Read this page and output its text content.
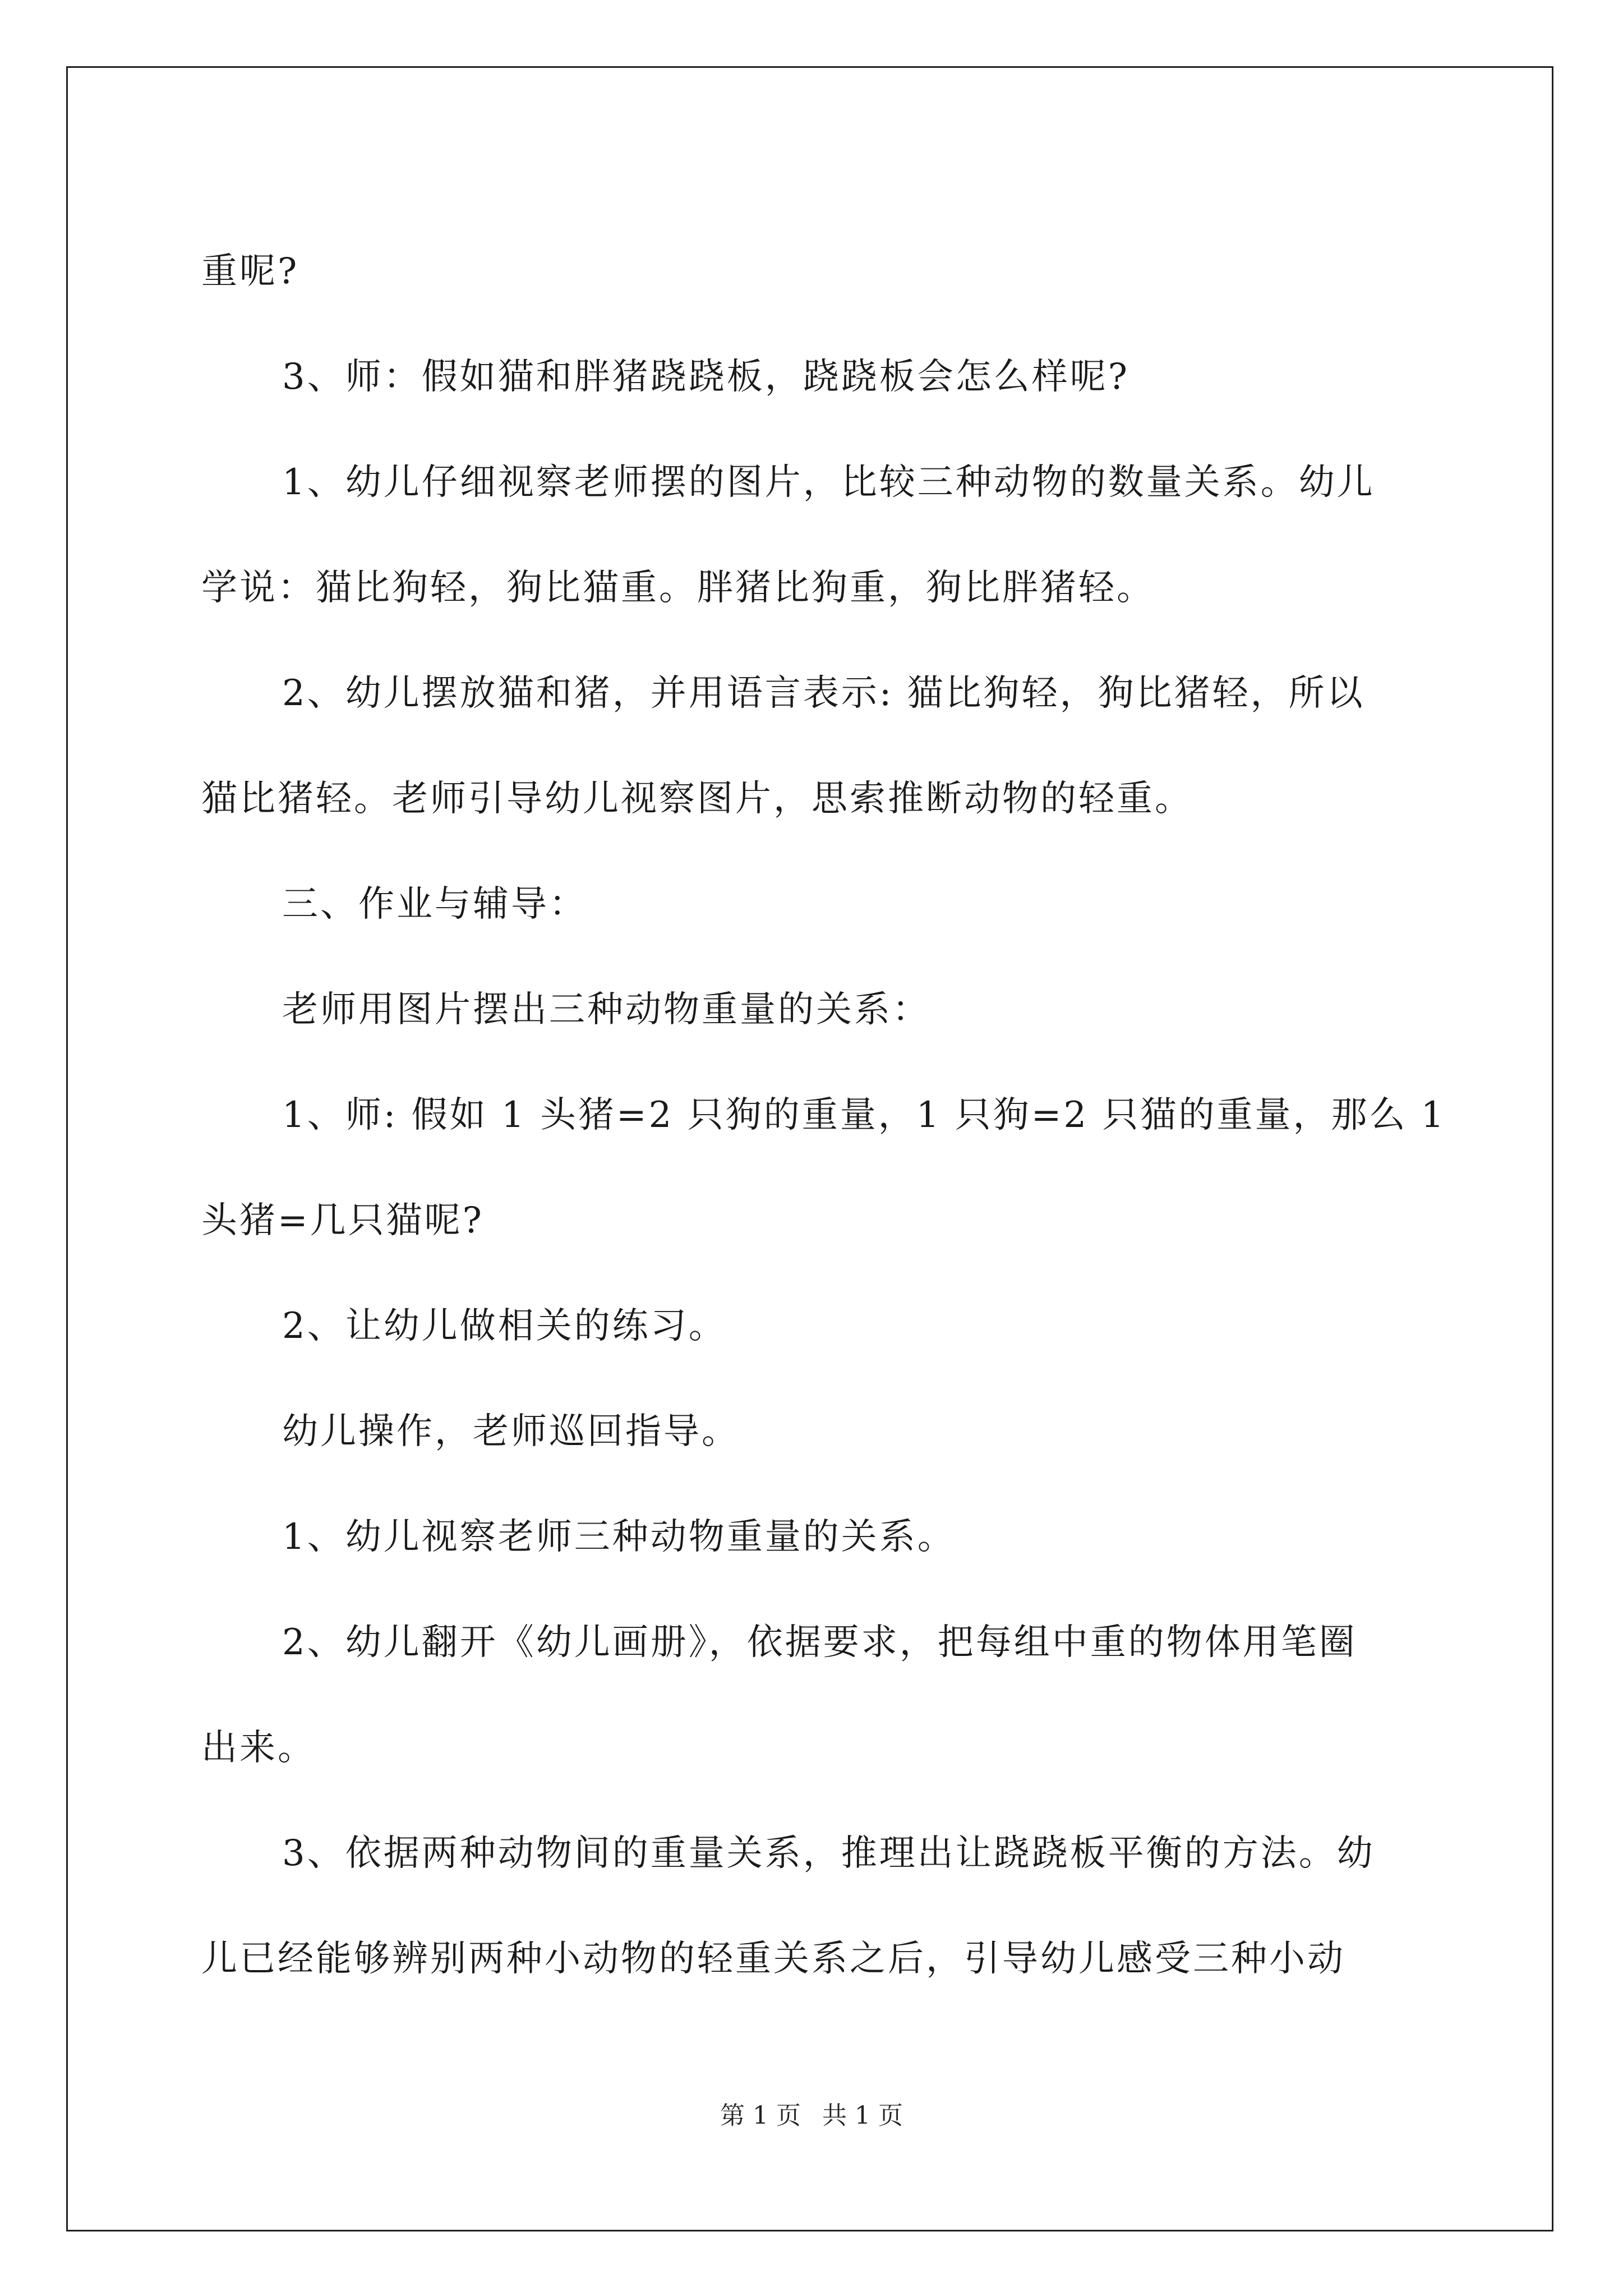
重呢?

3、师：假如猫和胖猪跷跷板，跷跷板会怎么样呢?

1、幼儿仔细视察老师摆的图片，比较三种动物的数量关系。幼儿

学说：猫比狗轻，狗比猫重。胖猪比狗重，狗比胖猪轻。

2、幼儿摆放猫和猪，并用语言表示: 猫比狗轻，狗比猪轻，所以

猫比猪轻。老师引导幼儿视察图片，思索推断动物的轻重。

三、作业与辅导：

老师用图片摆出三种动物重量的关系：

1、师: 假如 1 头猪=2 只狗的重量，1 只狗=2 只猫的重量，那么 1

头猪=几只猫呢?

2、让幼儿做相关的练习。

幼儿操作，老师巡回指导。

1、幼儿视察老师三种动物重量的关系。

2、幼儿翻开《幼儿画册》，依据要求，把每组中重的物体用笔圈

出来。

3、依据两种动物间的重量关系，推理出让跷跷板平衡的方法。幼

儿已经能够辨别两种小动物的轻重关系之后，引导幼儿感受三种小动

第 1 页 共 1 页
